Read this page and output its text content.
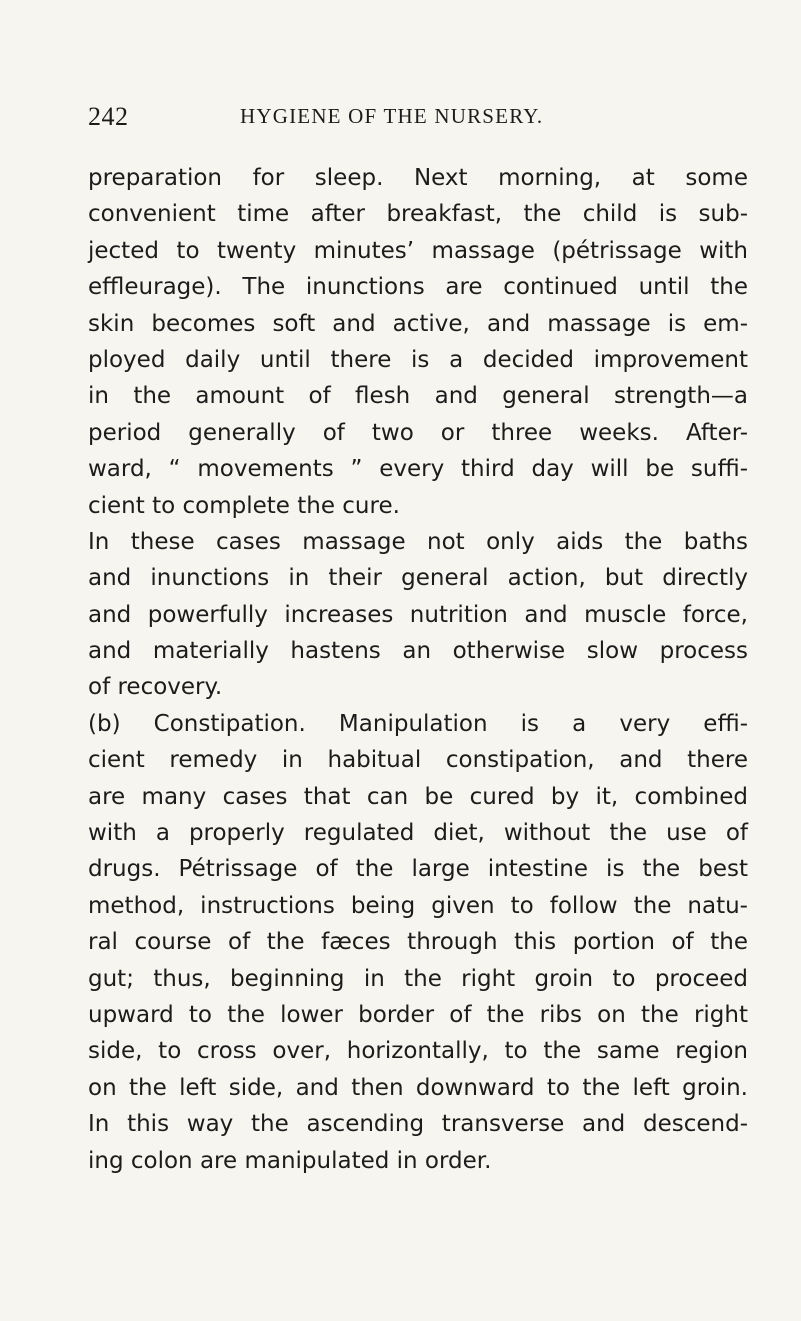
242	HYGIENE OF THE NURSERY.
preparation for sleep. Next morning, at some
convenient time after breakfast, the child is sub-
jected to twenty minutes’ massage (pétrissage with
effleurage). The inunctions are continued until the
skin becomes soft and active, and massage is em-
ployed daily until there is a decided improvement
in the amount of flesh and general strength—a
period generally of two or three weeks. After-
ward, “ movements ” every third day will be suffi-
cient to complete the cure.
In these cases massage not only aids the baths
and inunctions in their general action, but directly
and powerfully increases nutrition and muscle force,
and materially hastens an otherwise slow process
of recovery.
(b) Constipation. Manipulation is a very effi-
cient remedy in habitual constipation, and there
are many cases that can be cured by it, combined
with a properly regulated diet, without the use of
drugs. Pétrissage of the large intestine is the best
method, instructions being given to follow the natu-
ral course of the fæces through this portion of the
gut; thus, beginning in the right groin to proceed
upward to the lower border of the ribs on the right
side, to cross over, horizontally, to the same region
on the left side, and then downward to the left groin.
In this way the ascending transverse and descend-
ing colon are manipulated in order.
